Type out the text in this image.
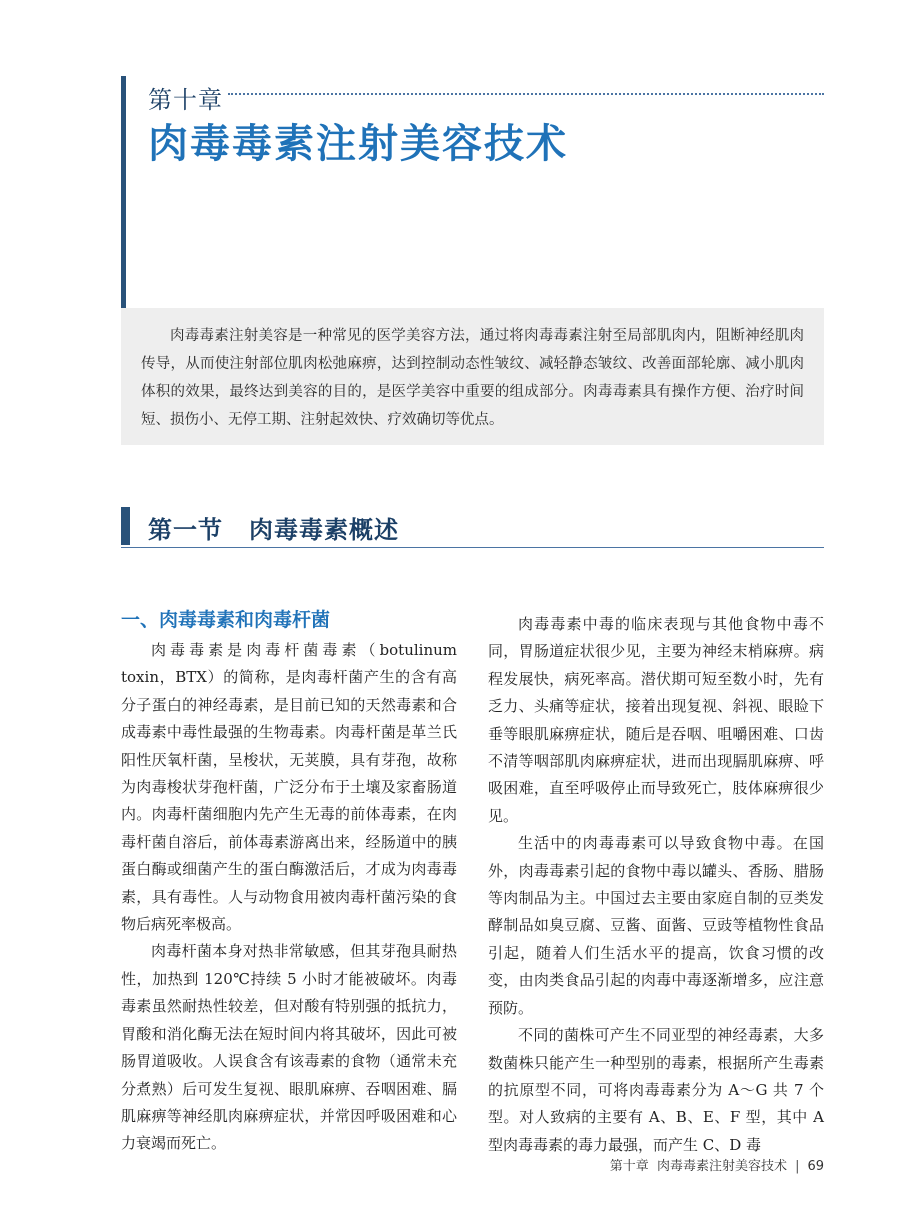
第十章
肉毒毒素注射美容技术
肉毒毒素注射美容是一种常见的医学美容方法，通过将肉毒毒素注射至局部肌肉内，阻断神经肌肉传导，从而使注射部位肌肉松弛麻痹，达到控制动态性皱纹、减轻静态皱纹、改善面部轮廓、减小肌肉体积的效果，最终达到美容的目的，是医学美容中重要的组成部分。肉毒毒素具有操作方便、治疗时间短、损伤小、无停工期、注射起效快、疗效确切等优点。
第一节 肉毒毒素概述
一、肉毒毒素和肉毒杆菌

肉毒毒素是肉毒杆菌毒素（botulinum toxin，BTX）的简称，是肉毒杆菌产生的含有高分子蛋白的神经毒素，是目前已知的天然毒素和合成毒素中毒性最强的生物毒素。肉毒杆菌是革兰氏阳性厌氧杆菌，呈梭状，无荚膜，具有芽孢，故称为肉毒梭状芽孢杆菌，广泛分布于土壤及家畜肠道内。肉毒杆菌细胞内先产生无毒的前体毒素，在肉毒杆菌自溶后，前体毒素游离出来，经肠道中的胰蛋白酶或细菌产生的蛋白酶激活后，才成为肉毒毒素，具有毒性。人与动物食用被肉毒杆菌污染的食物后病死率极高。

肉毒杆菌本身对热非常敏感，但其芽孢具耐热性，加热到 120℃持续 5 小时才能被破坏。肉毒毒素虽然耐热性较差，但对酸有特别强的抵抗力，胃酸和消化酶无法在短时间内将其破坏，因此可被肠胃道吸收。人误食含有该毒素的食物（通常未充分煮熟）后可发生复视、眼肌麻痹、吞咽困难、膈肌麻痹等神经肌肉麻痹症状，并常因呼吸困难和心力衰竭而死亡。

肉毒毒素中毒的临床表现与其他食物中毒不同，胃肠道症状很少见，主要为神经末梢麻痹。病程发展快，病死率高。潜伏期可短至数小时，先有乏力、头痛等症状，接着出现复视、斜视、眼睑下垂等眼肌麻痹症状，随后是吞咽、咀嚼困难、口齿不清等咽部肌肉麻痹症状，进而出现膈肌麻痹、呼吸困难，直至呼吸停止而导致死亡，肢体麻痹很少见。

生活中的肉毒毒素可以导致食物中毒。在国外，肉毒毒素引起的食物中毒以罐头、香肠、腊肠等肉制品为主。中国过去主要由家庭自制的豆类发酵制品如臭豆腐、豆酱、面酱、豆豉等植物性食品引起，随着人们生活水平的提高，饮食习惯的改变，由肉类食品引起的肉毒中毒逐渐增多，应注意预防。

不同的菌株可产生不同亚型的神经毒素，大多数菌株只能产生一种型别的毒素，根据所产生毒素的抗原型不同，可将肉毒毒素分为 A～G 共 7 个型。对人致病的主要有 A、B、E、F 型，其中 A 型肉毒毒素的毒力最强，而产生 C、D 毒

第十章 肉毒毒素注射美容技术 | 69
